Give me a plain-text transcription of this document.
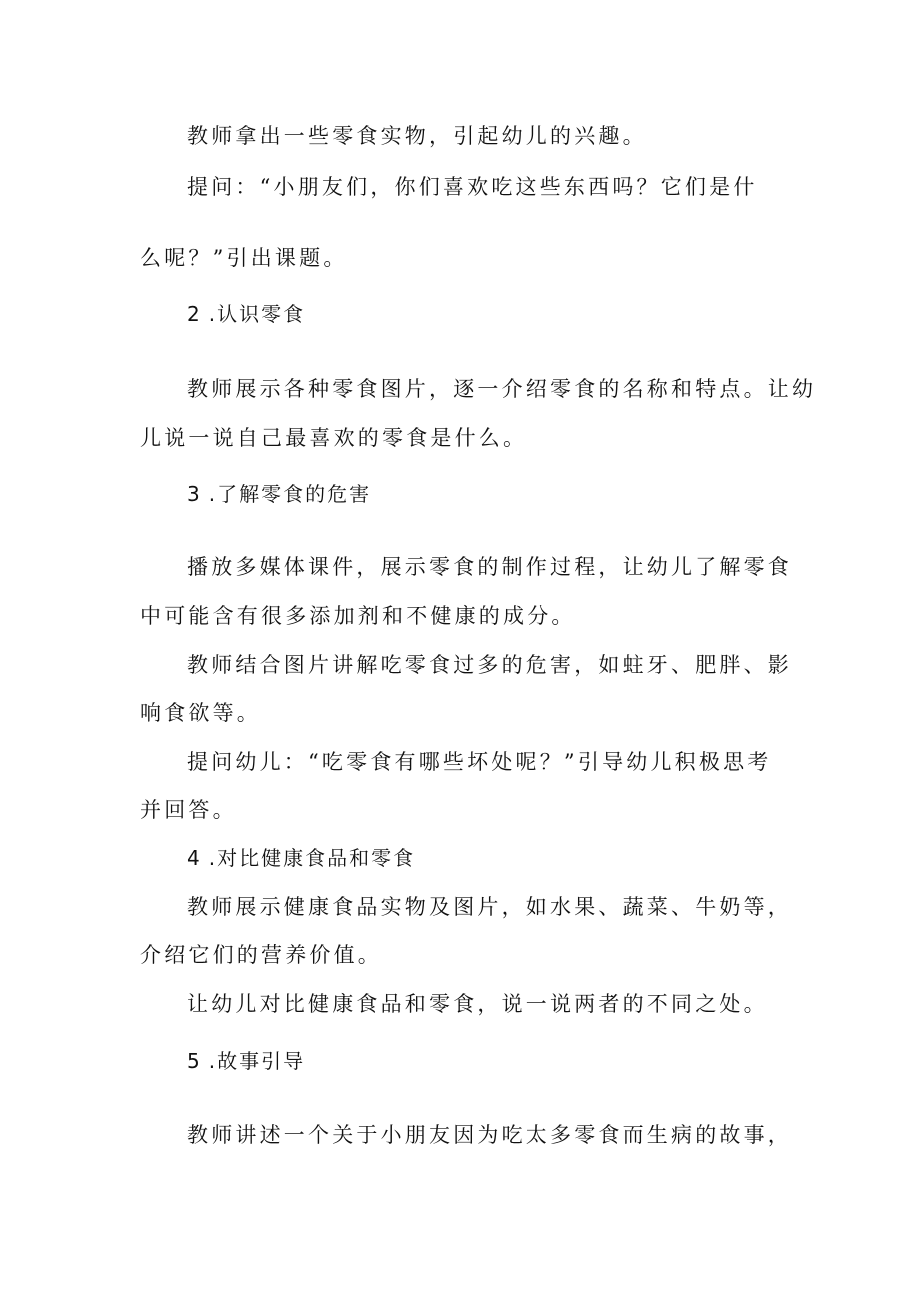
教师拿出一些零食实物，引起幼儿的兴趣。
提问：“小朋友们，你们喜欢吃这些东西吗？它们是什
么呢？”引出课题。
2.认识零食
教师展示各种零食图片，逐一介绍零食的名称和特点。让幼
儿说一说自己最喜欢的零食是什么。
3.了解零食的危害
播放多媒体课件，展示零食的制作过程，让幼儿了解零食
中可能含有很多添加剂和不健康的成分。
教师结合图片讲解吃零食过多的危害，如蛀牙、肥胖、影
响食欲等。
提问幼儿：“吃零食有哪些坏处呢？”引导幼儿积极思考
并回答。
4.对比健康食品和零食
教师展示健康食品实物及图片，如水果、蔬菜、牛奶等，
介绍它们的营养价值。
让幼儿对比健康食品和零食，说一说两者的不同之处。
5.故事引导
教师讲述一个关于小朋友因为吃太多零食而生病的故事，
